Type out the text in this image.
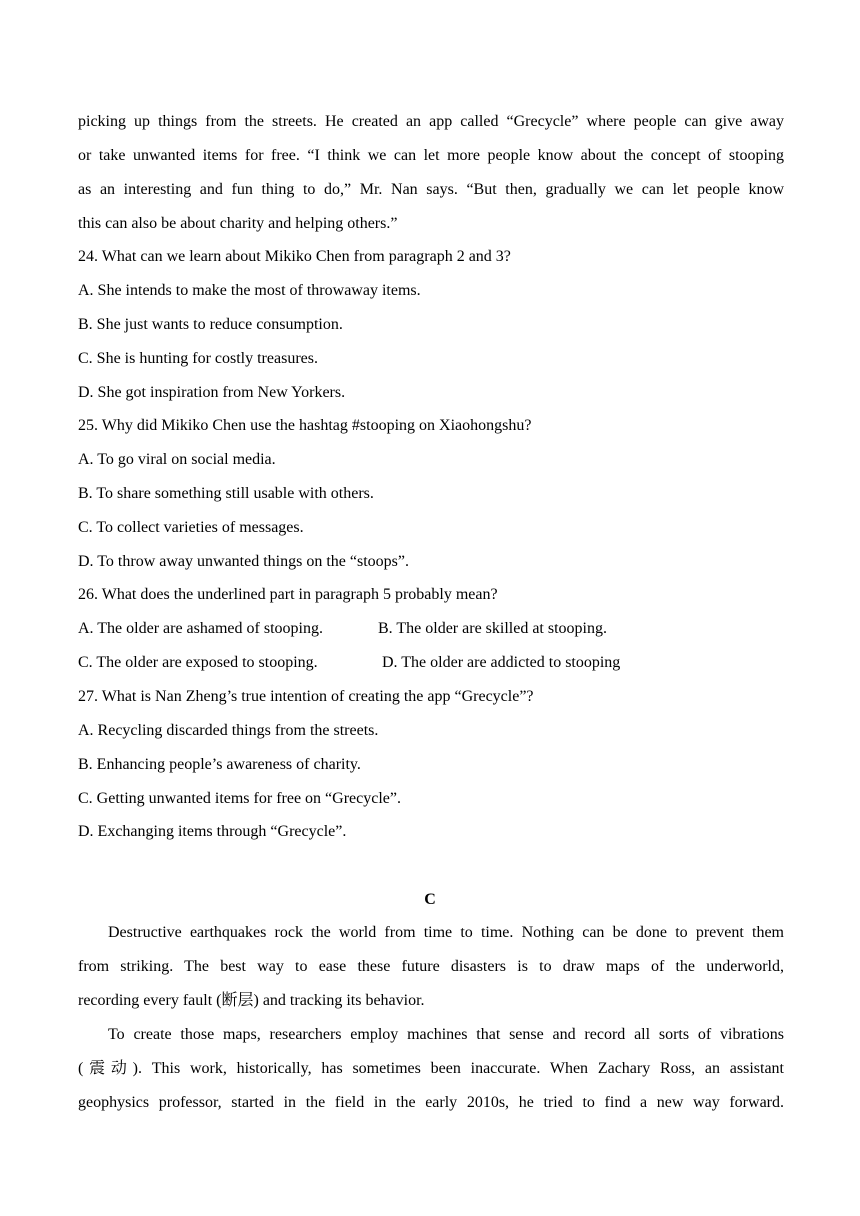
picking up things from the streets. He created an app called “Grecycle” where people can give away
or take unwanted items for free. “I think we can let more people know about the concept of stooping
as an interesting and fun thing to do,” Mr. Nan says. “But then, gradually we can let people know
this can also be about charity and helping others.”
24. What can we learn about Mikiko Chen from paragraph 2 and 3?
A. She intends to make the most of throwaway items.
B. She just wants to reduce consumption.
C. She is hunting for costly treasures.
D. She got inspiration from New Yorkers.
25. Why did Mikiko Chen use the hashtag #stooping on Xiaohongshu?
A. To go viral on social media.
B. To share something still usable with others.
C. To collect varieties of messages.
D. To throw away unwanted things on the “stoops”.
26. What does the underlined part in paragraph 5 probably mean?
A. The older are ashamed of stooping.	B. The older are skilled at stooping.
C. The older are exposed to stooping.	D. The older are addicted to stooping
27. What is Nan Zheng’s true intention of creating the app “Grecycle”?
A. Recycling discarded things from the streets.
B. Enhancing people’s awareness of charity.
C. Getting unwanted items for free on “Grecycle”.
D. Exchanging items through “Grecycle”.
C
Destructive earthquakes rock the world from time to time. Nothing can be done to prevent them
from striking. The best way to ease these future disasters is to draw maps of the underworld,
recording every fault (断层) and tracking its behavior.
To create those maps, researchers employ machines that sense and record all sorts of vibrations
(震动). This work, historically, has sometimes been inaccurate. When Zachary Ross, an assistant
geophysics professor, started in the field in the early 2010s, he tried to find a new way forward.
